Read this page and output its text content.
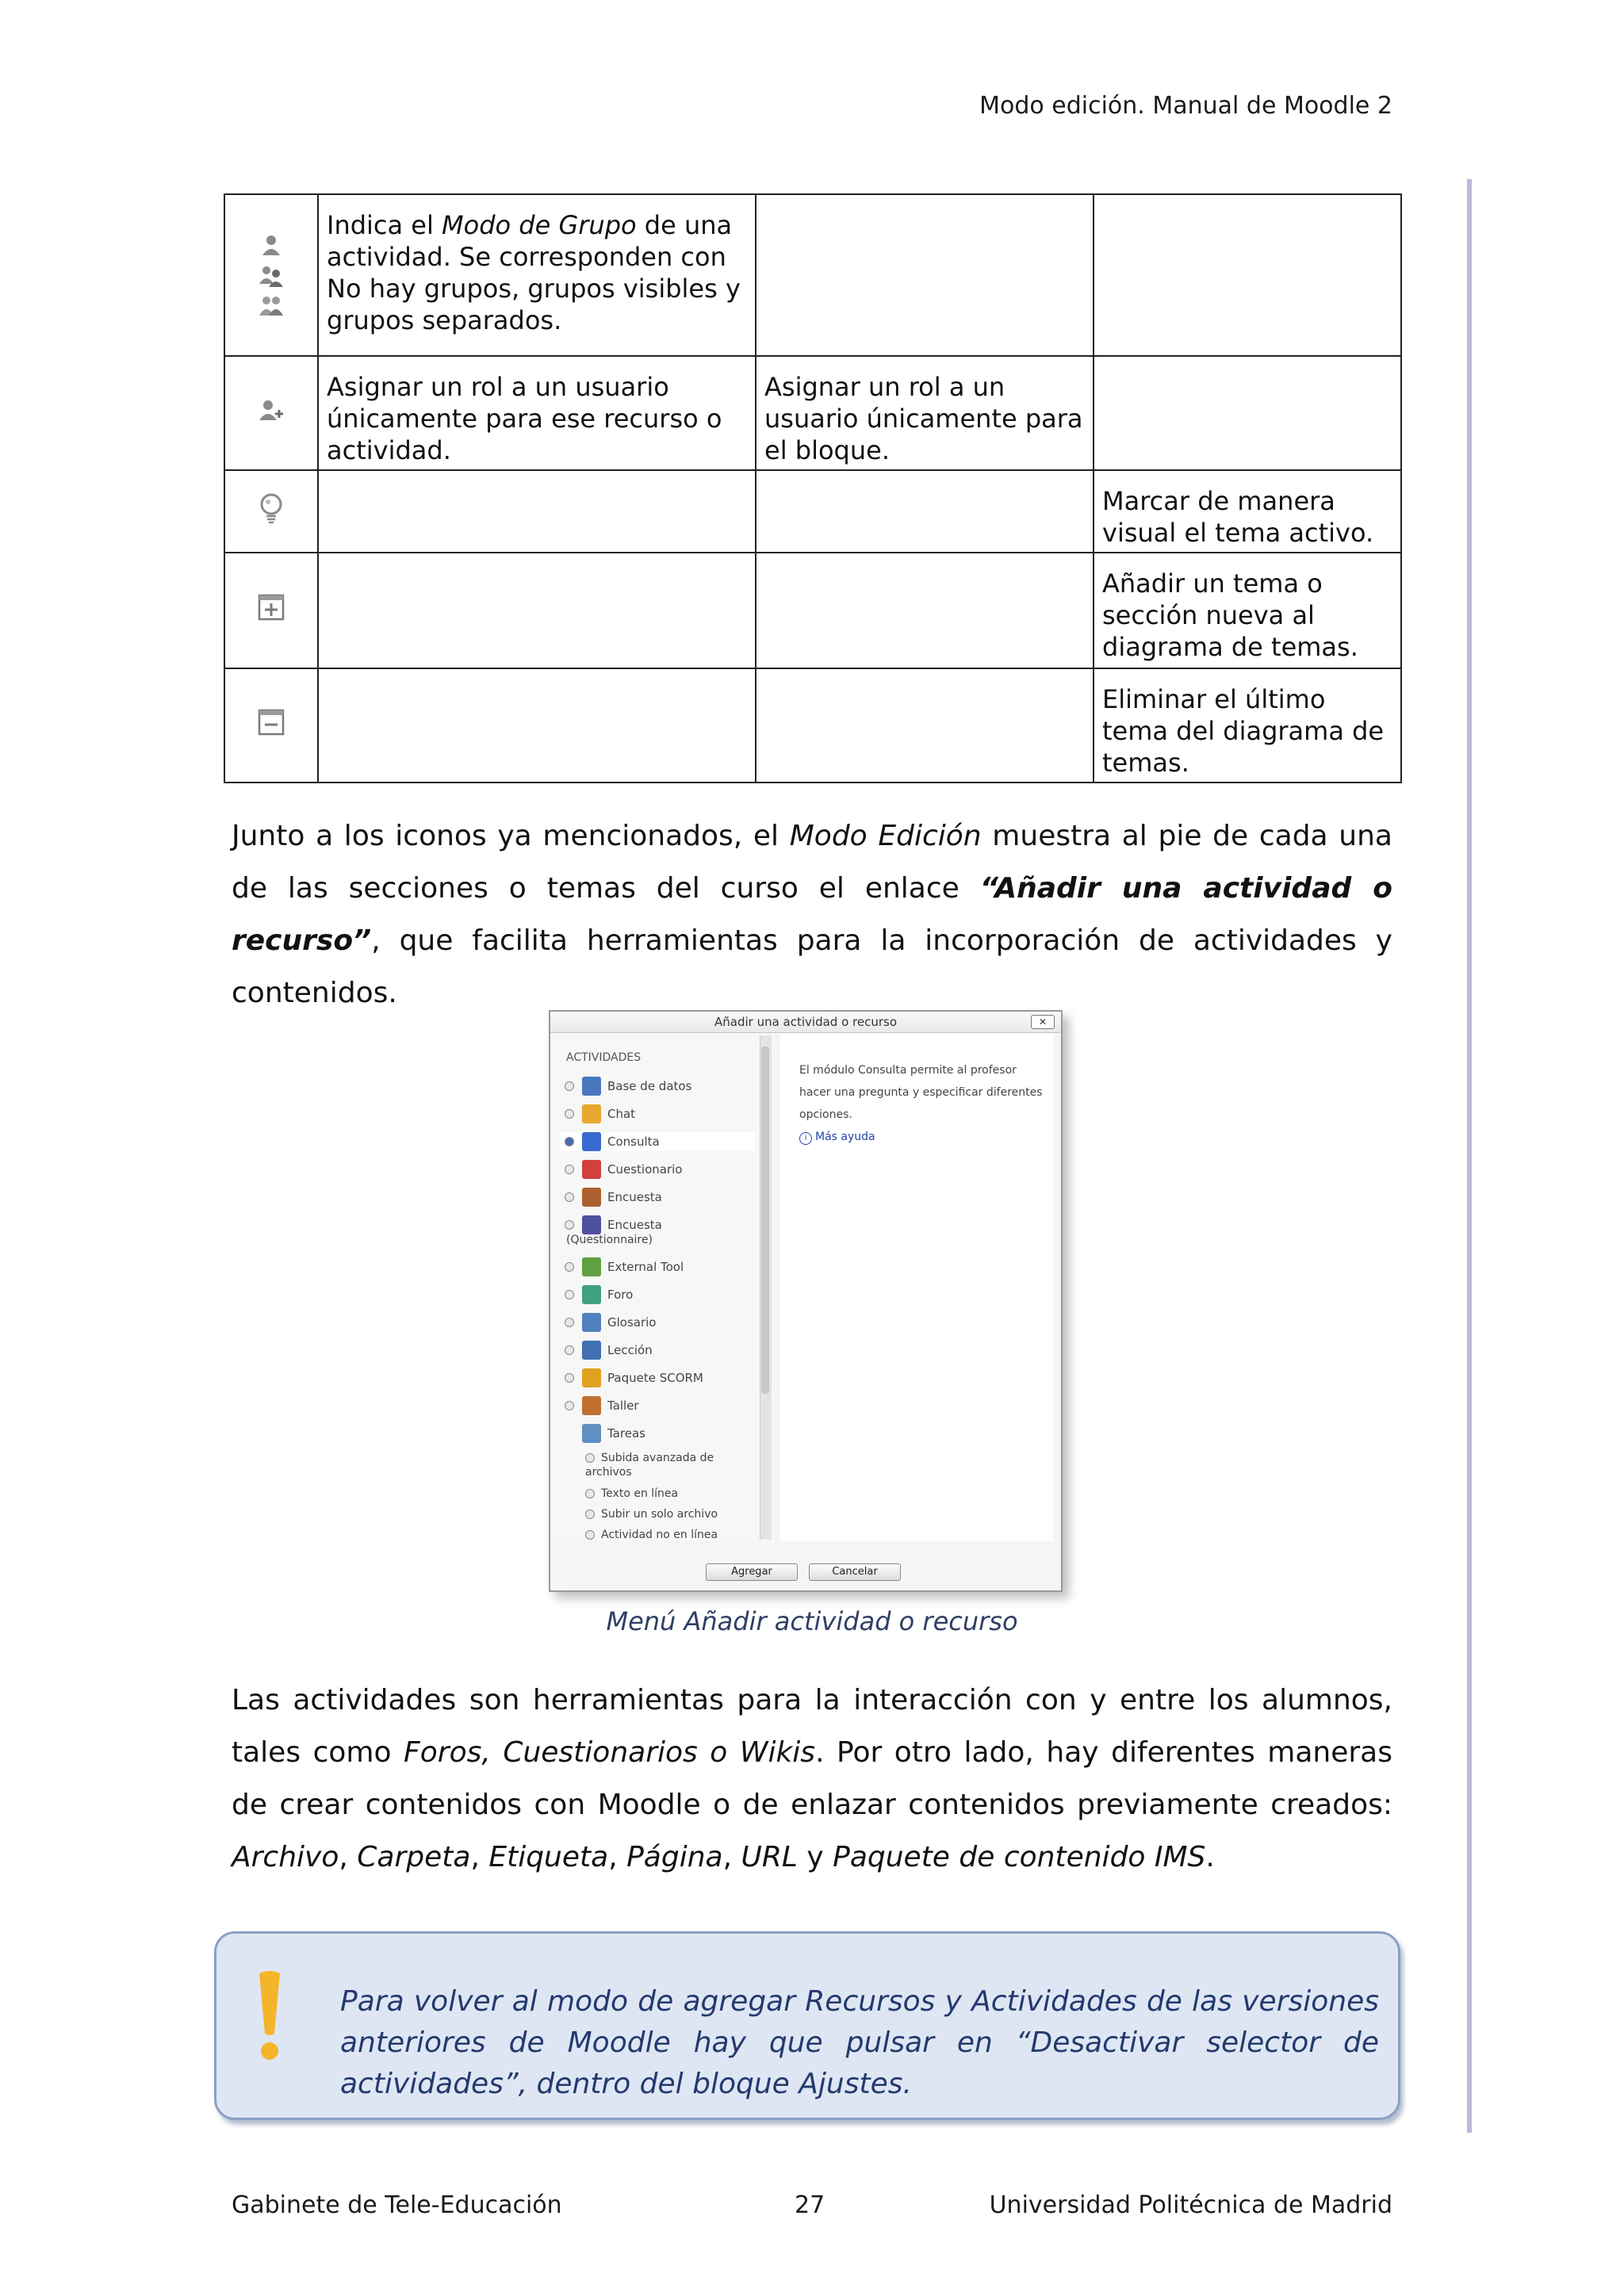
Modo edición. Manual de Moodle 2
	Indica el Modo de Grupo de una actividad. Se corresponden con No hay grupos, grupos visibles y grupos separados.		
	Asignar un rol a un usuario únicamente para ese recurso o actividad.	Asignar un rol a un usuario únicamente para el bloque.	
			Marcar de manera visual el tema activo.
			Añadir un tema o sección nueva al diagrama de temas.
			Eliminar el último tema del diagrama de temas.
Junto a los iconos ya mencionados, el Modo Edición muestra al pie de cada una de las secciones o temas del curso el enlace “Añadir una actividad o recurso”, que facilita herramientas para la incorporación de actividades y contenidos.
Añadir una actividad o recurso	✕
ACTIVIDADES
Base de datos
Chat
Consulta
Cuestionario
Encuesta
Encuesta
(Questionnaire)
External Tool
Foro
Glosario
Lección
Paquete SCORM
Taller
Tareas
Subida avanzada de
archivos
Texto en línea
Subir un solo archivo
Actividad no en línea
El módulo Consulta permite al profesor hacer una pregunta y especificar diferentes opciones.
i Más ayuda
Agregar	Cancelar
Menú Añadir actividad o recurso
Las actividades son herramientas para la interacción con y entre los alumnos, tales como Foros, Cuestionarios o Wikis. Por otro lado, hay diferentes maneras de crear contenidos con Moodle o de enlazar contenidos previamente creados: Archivo, Carpeta, Etiqueta, Página, URL y Paquete de contenido IMS.
Para volver al modo de agregar Recursos y Actividades de las versiones anteriores de Moodle hay que pulsar en “Desactivar selector de actividades”, dentro del bloque Ajustes.
Gabinete de Tele-Educación	27	Universidad Politécnica de Madrid
